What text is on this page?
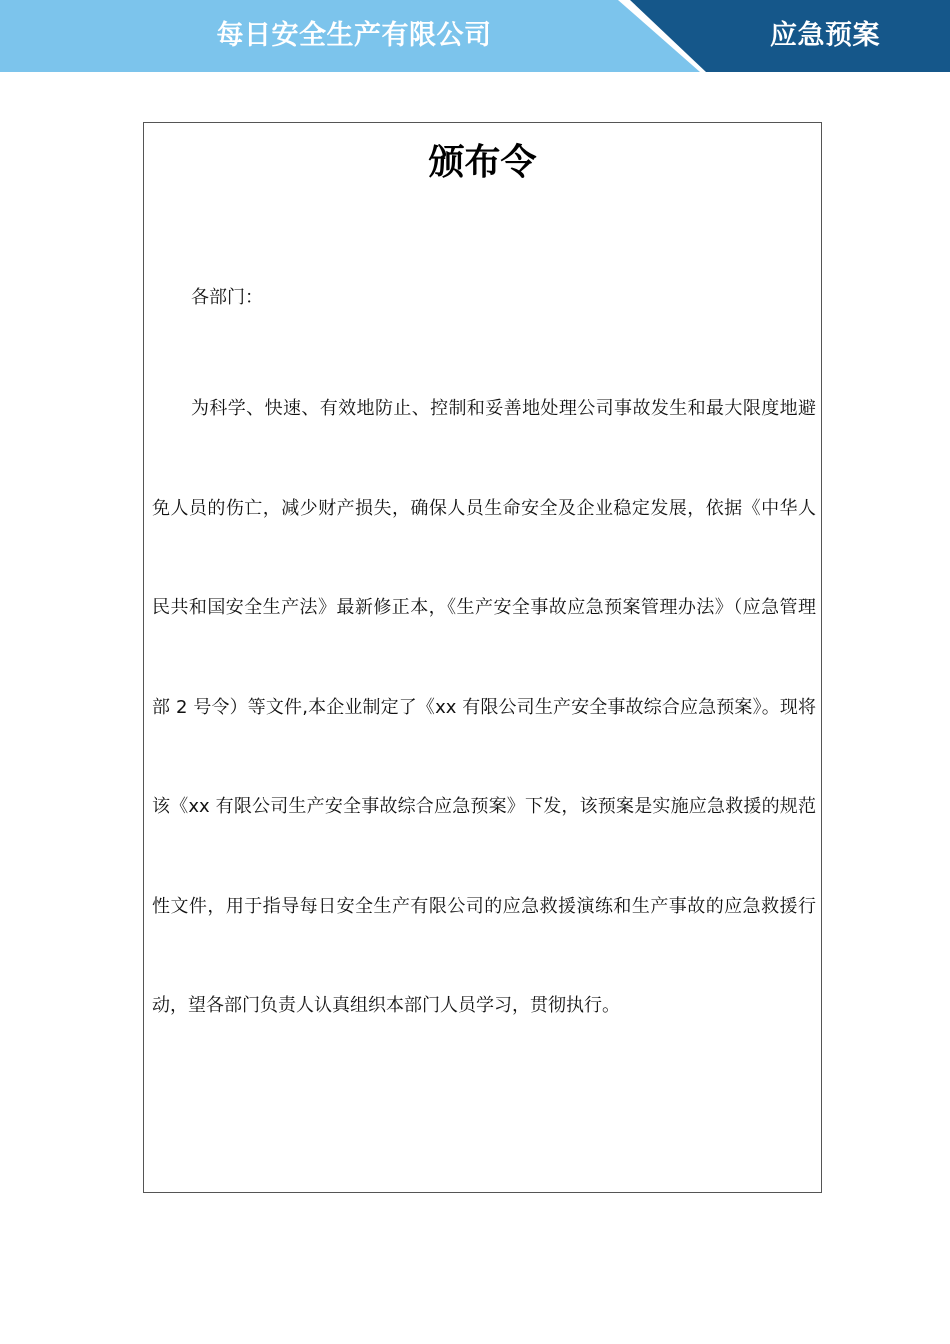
每日安全生产有限公司	应急预案
颁布令

各部门：

为科学、快速、有效地防止、控制和妥善地处理公司事故发生和最大限度地避免人员的伤亡，减少财产损失，确保人员生命安全及企业稳定发展，依据《中华人民共和国安全生产法》最新修正本，《生产安全事故应急预案管理办法》（应急管理部 2 号令）等文件,本企业制定了《xx 有限公司生产安全事故综合应急预案》。现将该《xx 有限公司生产安全事故综合应急预案》下发，该预案是实施应急救援的规范性文件，用于指导每日安全生产有限公司的应急救援演练和生产事故的应急救援行动，望各部门负责人认真组织本部门人员学习，贯彻执行。
